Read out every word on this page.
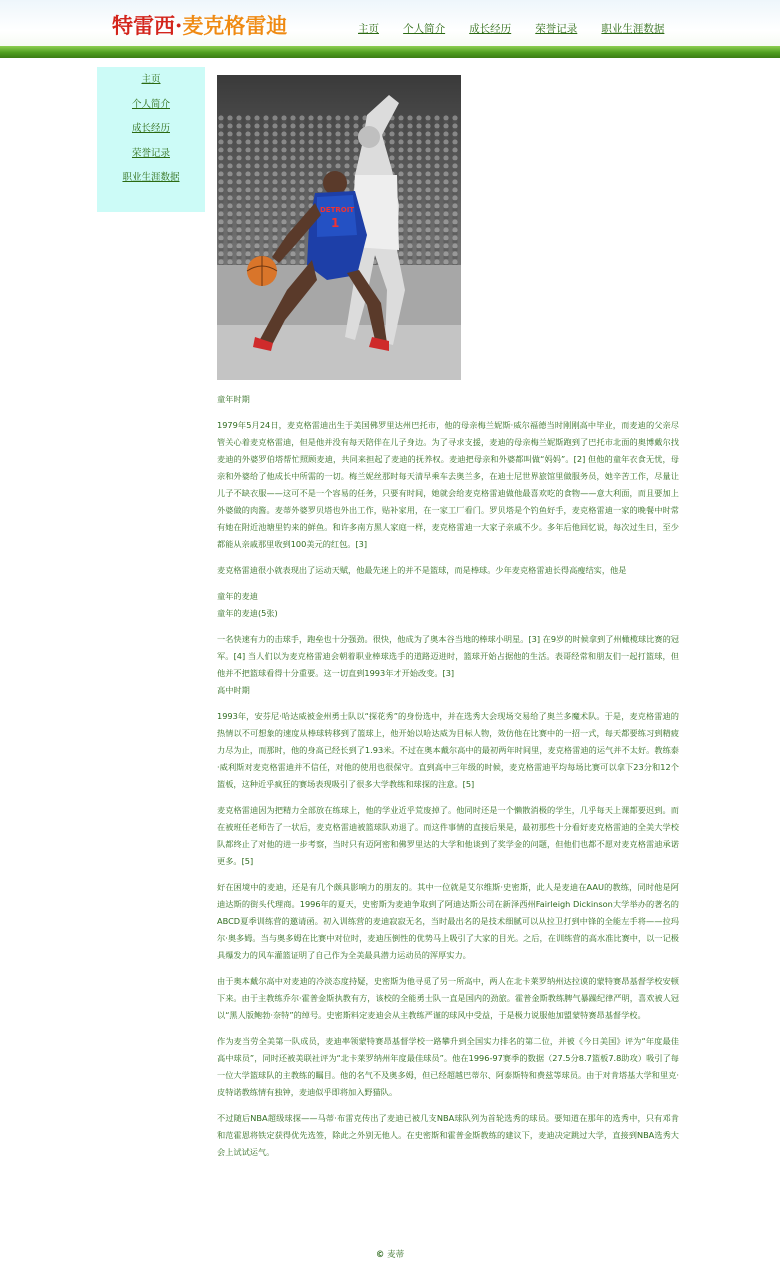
特雷西·麦克格雷迪	主页 个人简介 成长经历 荣誉记录 职业生涯数据
主页
个人简介
成长经历
荣誉记录
职业生涯数据
DETROIT
1
童年时期

1979年5月24日，麦克格雷迪出生于美国佛罗里达州巴托市，他的母亲梅兰妮斯·威尔福德当时刚刚高中毕业，而麦迪的父亲尽管关心着麦克格雷迪，但是他并没有每天陪伴在儿子身边。为了寻求支援，麦迪的母亲梅兰妮斯跑到了巴托市北面的奥博戴尔找麦迪的外婆罗伯塔帮忙照顾麦迪，共同来担起了麦迪的抚养权。麦迪把母亲和外婆都叫做“妈妈”。[2] 但他的童年衣食无忧，母亲和外婆给了他成长中所需的一切。梅兰妮丝那时每天清早乘车去奥兰多，在迪士尼世界旅馆里做服务员，她辛苦工作，尽量让儿子不缺衣服——这可不是一个容易的任务，只要有时间，她就会给麦克格雷迪做他最喜欢吃的食物——意大利面，而且要加上外婆做的肉酱。麦蒂外婆罗贝塔也外出工作，贴补家用，在一家工厂看门。罗贝塔是个钓鱼好手，麦克格雷迪一家的晚餐中时常有她在附近池塘里钓来的鲜鱼。和许多南方黑人家庭一样，麦克格雷迪一大家子亲戚不少。多年后他回忆说，每次过生日，至少都能从亲戚那里收到100美元的红包。[3]

麦克格雷迪很小就表现出了运动天赋，他最先迷上的并不是篮球，而是棒球。少年麦克格雷迪长得高瘦结实，他是

童年的麦迪
童年的麦迪(5张)

一名快速有力的击球手，跑垒也十分强劲。很快，他成为了奥本谷当地的棒球小明星。[3] 在9岁的时候拿到了州橄榄球比赛的冠军。[4] 当人们以为麦克格雷迪会朝着职业棒球选手的道路迈进时，篮球开始占据他的生活。表哥经常和朋友们一起打篮球，但他并不把篮球看得十分重要。这一切直到1993年才开始改变。[3]

高中时期

1993年，安芬尼·哈达威被金州勇士队以“探花秀”的身份选中，并在选秀大会现场交易给了奥兰多魔术队。于是，麦克格雷迪的热情以不可想象的速度从棒球转移到了篮球上，他开始以哈达威为目标人物，效仿他在比赛中的一招一式，每天都要练习到精疲力尽为止，而那时，他的身高已经长到了1.93米。不过在奥本戴尔高中的最初两年时间里，麦克格雷迪的运气并不太好。教练泰·威利斯对麦克格雷迪并不信任，对他的使用也很保守。直到高中三年级的时候，麦克格雷迪平均每场比赛可以拿下23分和12个篮板，这种近乎疯狂的赛场表现吸引了很多大学教练和球探的注意。[5]

麦克格雷迪因为把精力全部放在练球上，他的学业近乎荒废掉了。他同时还是一个懒散消极的学生，几乎每天上课都要迟到。而在被班任老师告了一状后，麦克格雷迪被篮球队劝退了。而这件事情的直接后果是，最初那些十分看好麦克格雷迪的全美大学校队都终止了对他的进一步考察，当时只有迈阿密和佛罗里达的大学和他谈到了奖学金的问题，但他们也都不愿对麦克格雷迪承诺更多。[5]

好在困境中的麦迪，还是有几个颇具影响力的朋友的。其中一位就是艾尔维斯·史密斯，此人是麦迪在AAU的教练，同时他是阿迪达斯的街头代理商。1996年的夏天，史密斯为麦迪争取到了阿迪达斯公司在新泽西州Fairleigh Dickinson大学举办的著名的ABCD夏季训练营的邀请函。初入训练营的麦迪寂寂无名，当时最出名的是技术细腻可以从拉卫打到中锋的全能左手将——拉玛尔·奥多姆。当与奥多姆在比赛中对位时，麦迪压倒性的优势马上吸引了大家的目光。之后，在训练营的高水准比赛中，以一记极具爆发力的风车灌篮证明了自己作为全美最具潜力运动员的浑厚实力。

由于奥本戴尔高中对麦迪的冷淡态度持疑，史密斯为他寻觅了另一所高中，两人在北卡莱罗纳州达拉谟的蒙特赛昂基督学校安顿下来。由于主教练乔尔·霍普金斯执教有方，该校的全能勇士队一直是国内的劲旅。霍普金斯教练脾气暴躁纪律严明，喜欢被人冠以“黑人版鲍勃·奈特”的绰号。史密斯料定麦迪会从主教练严谨的球风中受益，于是极力说服他加盟蒙特赛昂基督学校。

作为麦当劳全美第一队成员，麦迪率领蒙特赛昂基督学校一路攀升到全国实力排名的第二位，并被《今日美国》评为“年度最佳高中球员”，同时还被美联社评为“北卡莱罗纳州年度最佳球员”。他在1996-97赛季的数据（27.5分8.7篮板7.8助攻）吸引了每一位大学篮球队的主教练的瞩目。他的名气不及奥多姆，但已经超越巴蒂尔、阿泰斯特和费兹等球员。由于对肯塔基大学和里克·皮特诺教练情有独钟，麦迪似乎即将加入野猫队。

不过随后NBA超级球探——马蒂·布雷克传出了麦迪已被几支NBA球队列为首轮选秀的球员。要知道在那年的选秀中，只有邓肯和范霍恩将铁定获得优先选签，除此之外别无他人。在史密斯和霍普金斯教练的建议下，麦迪决定跳过大学，直接到NBA选秀大会上试试运气。

© 麦蒂
